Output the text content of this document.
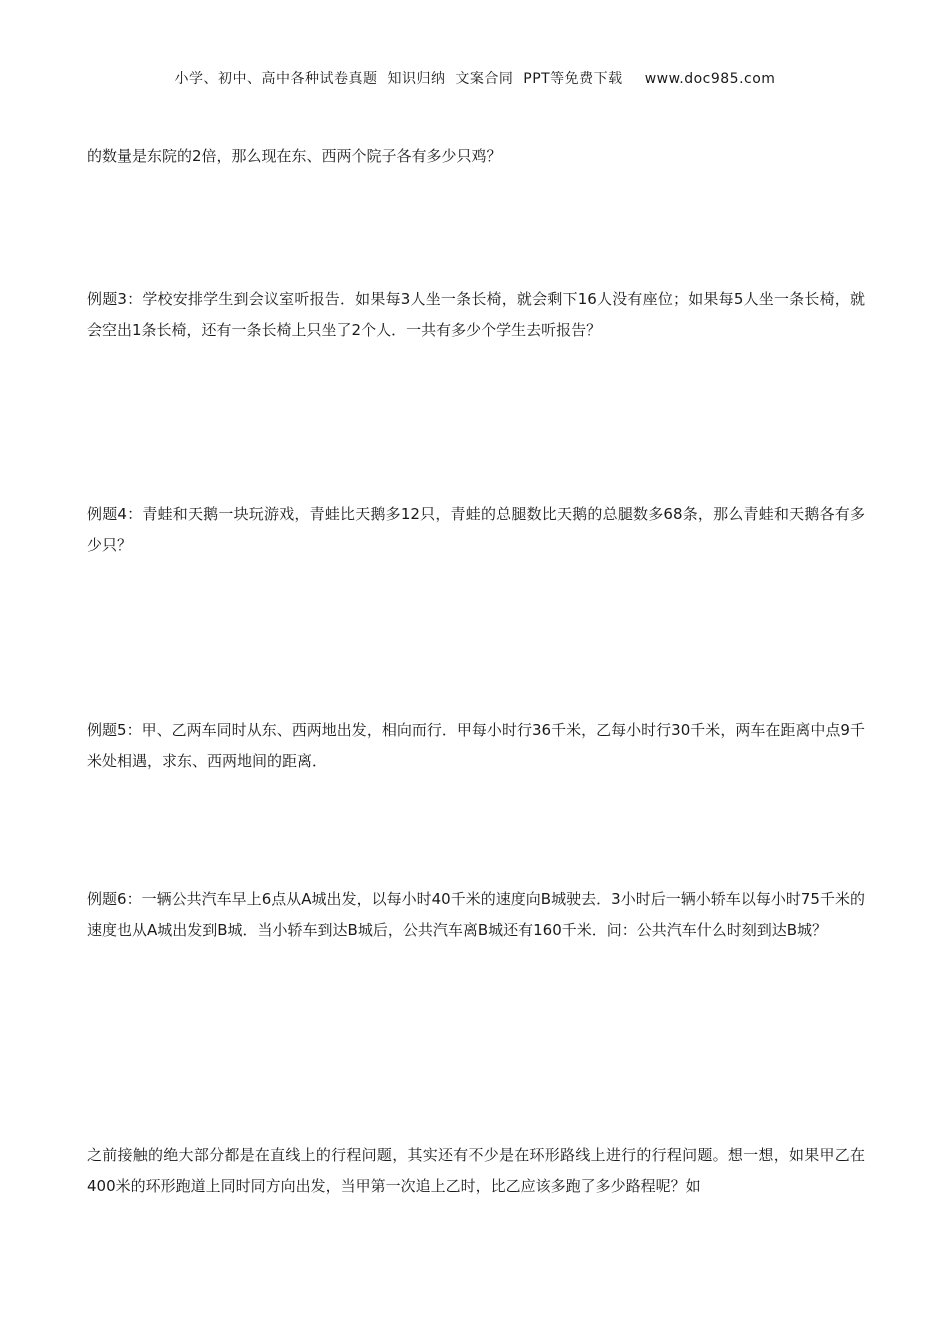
小学、初中、高中各种试卷真题  知识归纳  文案合同  PPT等免费下载 www.doc985.com

的数量是东院的2倍，那么现在东、西两个院子各有多少只鸡？

例题3：学校安排学生到会议室听报告．如果每3人坐一条长椅，就会剩下16人没有座位；如果每5人坐一条长椅，就会空出1条长椅，还有一条长椅上只坐了2个人．一共有多少个学生去听报告？

例题4：青蛙和天鹅一块玩游戏，青蛙比天鹅多12只，青蛙的总腿数比天鹅的总腿数多68条，那么青蛙和天鹅各有多少只？

例题5：甲、乙两车同时从东、西两地出发，相向而行．甲每小时行36千米，乙每小时行30千米，两车在距离中点9千米处相遇，求东、西两地间的距离．

例题6：一辆公共汽车早上6点从A城出发，以每小时40千米的速度向B城驶去．3小时后一辆小轿车以每小时75千米的速度也从A城出发到B城．当小轿车到达B城后，公共汽车离B城还有160千米．问：公共汽车什么时刻到达B城？

之前接触的绝大部分都是在直线上的行程问题，其实还有不少是在环形路线上进行的行程问题。想一想，如果甲乙在400米的环形跑道上同时同方向出发，当甲第一次追上乙时，比乙应该多跑了多少路程呢？如
